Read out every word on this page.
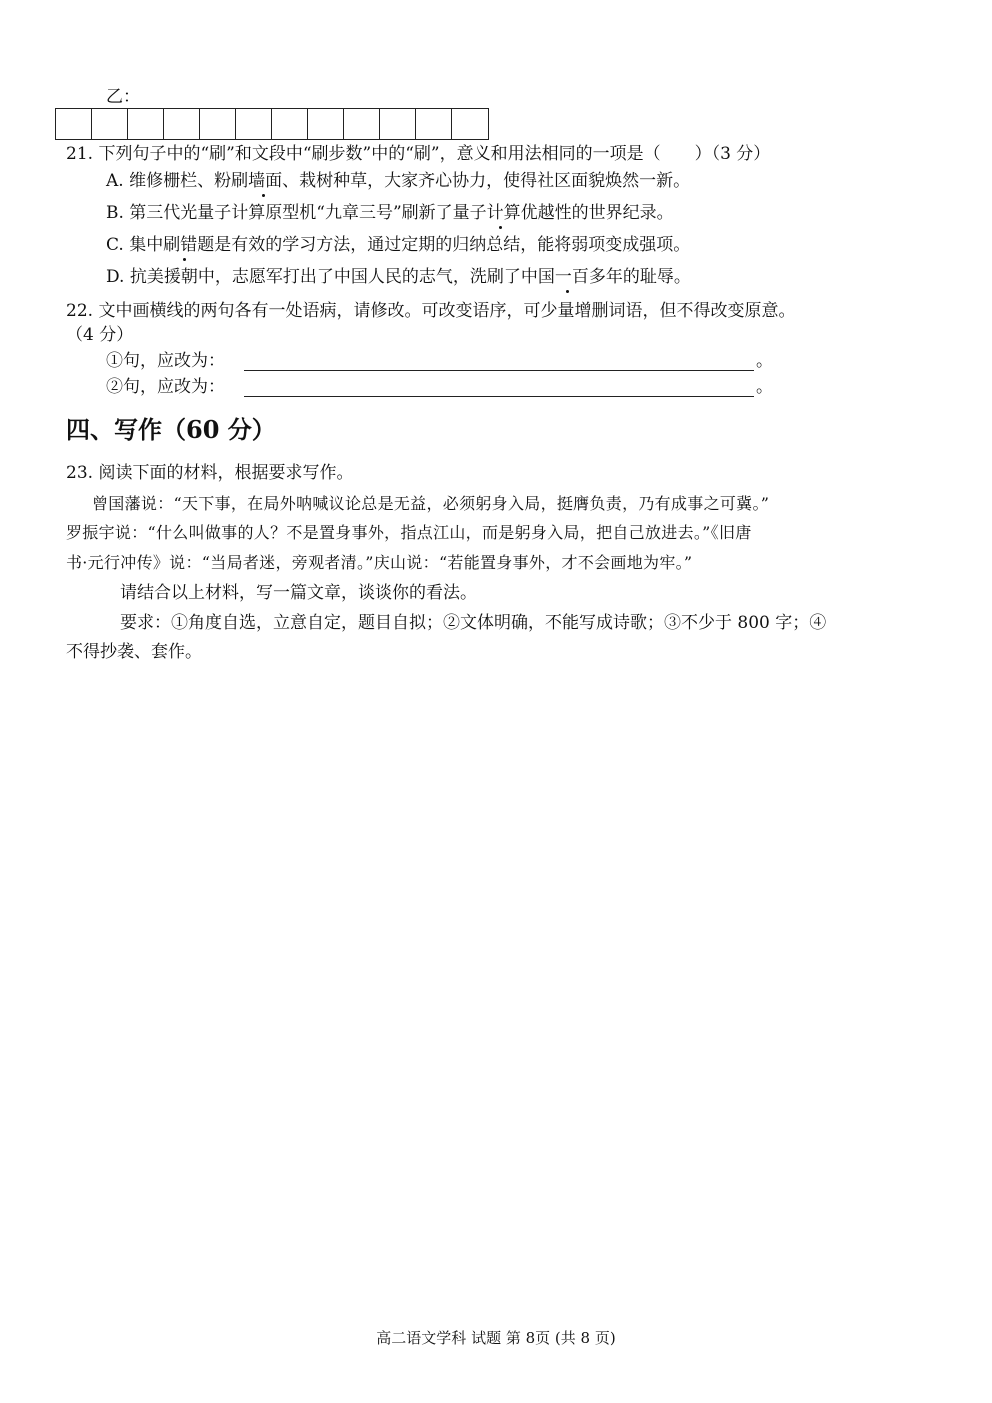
乙：
21. 下列句子中的“刷”和文段中“刷步数”中的“刷”，意义和用法相同的一项是（　　）（3 分）
A. 维修栅栏、粉刷墙面、栽树种草，大家齐心协力，使得社区面貌焕然一新。
B. 第三代光量子计算原型机“九章三号”刷新了量子计算优越性的世界纪录。
C. 集中刷错题是有效的学习方法，通过定期的归纳总结，能将弱项变成强项。
D. 抗美援朝中，志愿军打出了中国人民的志气，洗刷了中国一百多年的耻辱。
22. 文中画横线的两句各有一处语病，请修改。可改变语序，可少量增删词语，但不得改变原意。
（4 分）
①句，应改为：	。
②句，应改为：	。
四、写作（60 分）
23. 阅读下面的材料，根据要求写作。
曾国藩说：“天下事，在局外呐喊议论总是无益，必须躬身入局，挺膺负责，乃有成事之可冀。”
罗振宇说：“什么叫做事的人？不是置身事外，指点江山，而是躬身入局，把自己放进去。”《旧唐
书·元行冲传》说：“当局者迷，旁观者清。”庆山说：“若能置身事外，才不会画地为牢。”
请结合以上材料，写一篇文章，谈谈你的看法。
要求：①角度自选，立意自定，题目自拟；②文体明确，不能写成诗歌；③不少于 800 字；④
不得抄袭、套作。
高二语文学科 试题 第 8页 (共 8 页)
